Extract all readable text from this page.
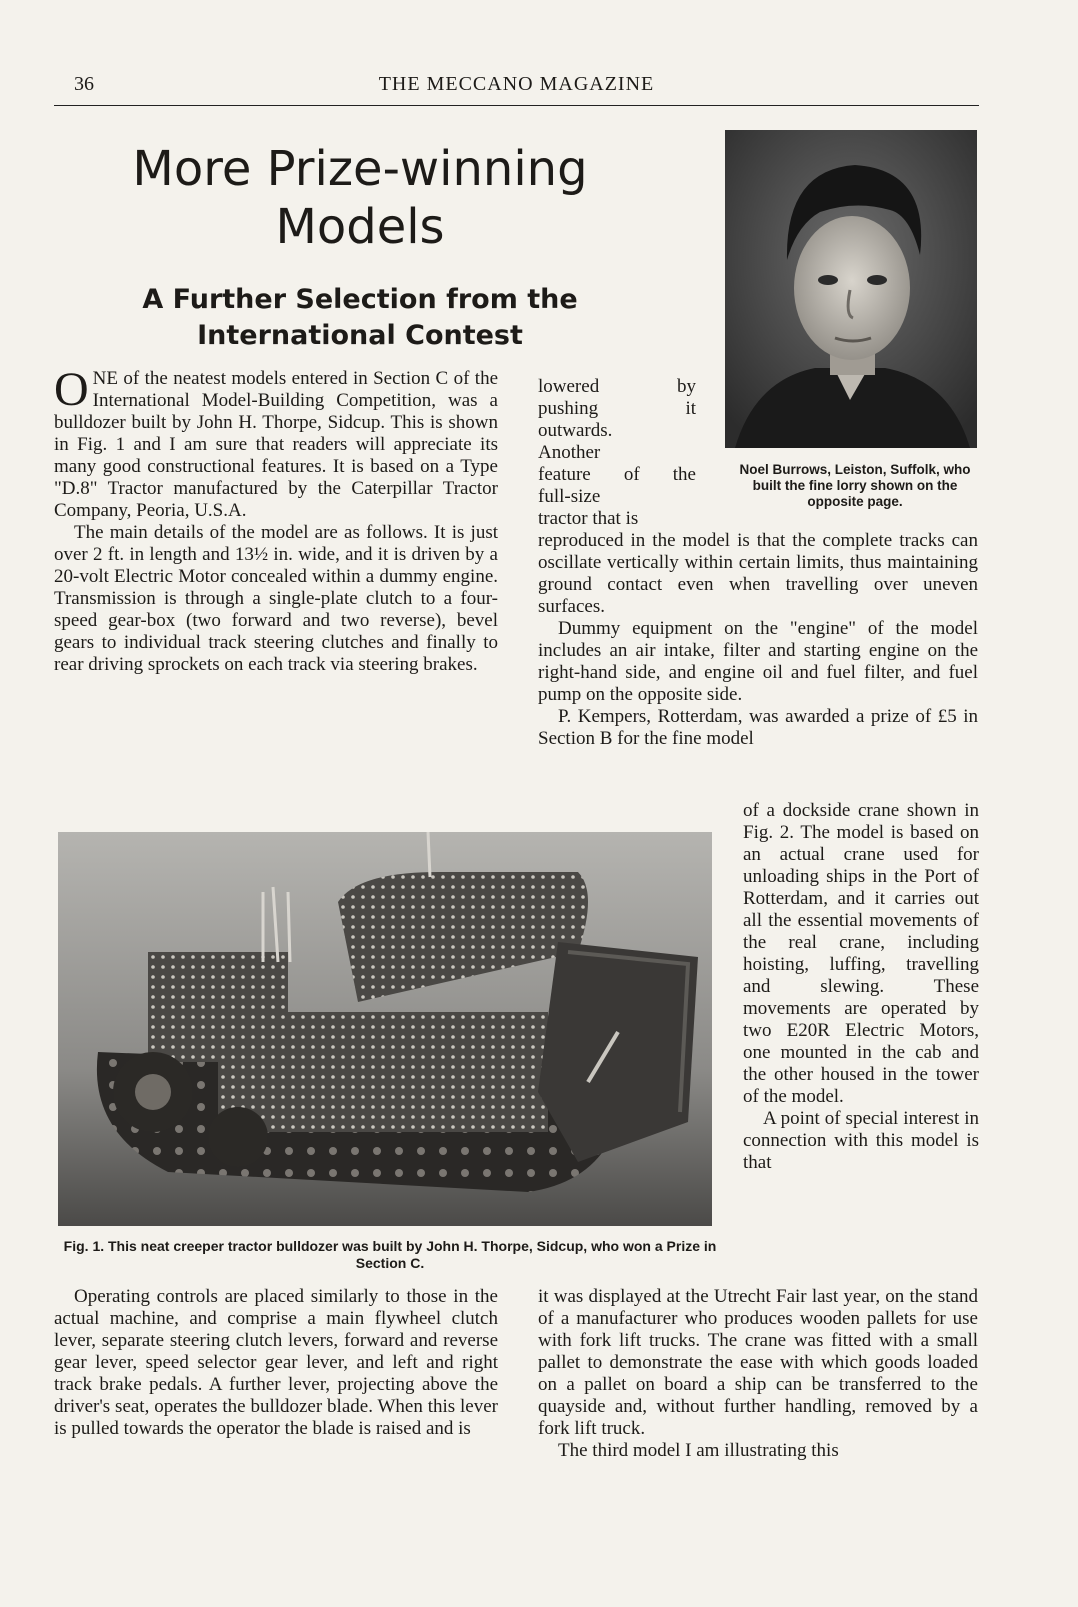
36	THE MECCANO MAGAZINE
More Prize-winning Models
A Further Selection from the International Contest

ONE of the neatest models entered in Section C of the International Model-Building Competition, was a bulldozer built by John H. Thorpe, Sidcup. This is shown in Fig. 1 and I am sure that readers will appreciate its many good constructional features. It is based on a Type "D.8" Tractor manufactured by the Caterpillar Tractor Company, Peoria, U.S.A.

The main details of the model are as follows. It is just over 2 ft. in length and 13½ in. wide, and it is driven by a 20-volt Electric Motor concealed within a dummy engine. Transmission is through a single-plate clutch to a four-speed gear-box (two forward and two reverse), bevel gears to individual track steering clutches and finally to rear driving sprockets on each track via steering brakes.

lowered by
pushing it
outwards.
Another
feature of the
full-size
tractor that is
Noel Burrows, Leiston, Suffolk, who built the fine lorry shown on the opposite page.

reproduced in the model is that the complete tracks can oscillate vertically within certain limits, thus maintaining ground contact even when travelling over uneven surfaces.

Dummy equipment on the "engine" of the model includes an air intake, filter and starting engine on the right-hand side, and engine oil and fuel filter, and fuel pump on the opposite side.

P. Kempers, Rotterdam, was awarded a prize of £5 in Section B for the fine model

Fig. 1. This neat creeper tractor bulldozer was built by John H. Thorpe, Sidcup, who won a Prize in Section C.

of a dockside crane shown in Fig. 2. The model is based on an actual crane used for unloading ships in the Port of Rotterdam, and it carries out all the essential movements of the real crane, including hoisting, luffing, travelling and slewing. These movements are operated by two E20R Electric Motors, one mounted in the cab and the other housed in the tower of the model.

A point of special interest in connection with this model is that

Operating controls are placed similarly to those in the actual machine, and comprise a main flywheel clutch lever, separate steering clutch levers, forward and reverse gear lever, speed selector gear lever, and left and right track brake pedals. A further lever, projecting above the driver's seat, operates the bulldozer blade. When this lever is pulled towards the operator the blade is raised and is

it was displayed at the Utrecht Fair last year, on the stand of a manufacturer who produces wooden pallets for use with fork lift trucks. The crane was fitted with a small pallet to demonstrate the ease with which goods loaded on a pallet on board a ship can be transferred to the quayside and, without further handling, removed by a fork lift truck.

The third model I am illustrating this
